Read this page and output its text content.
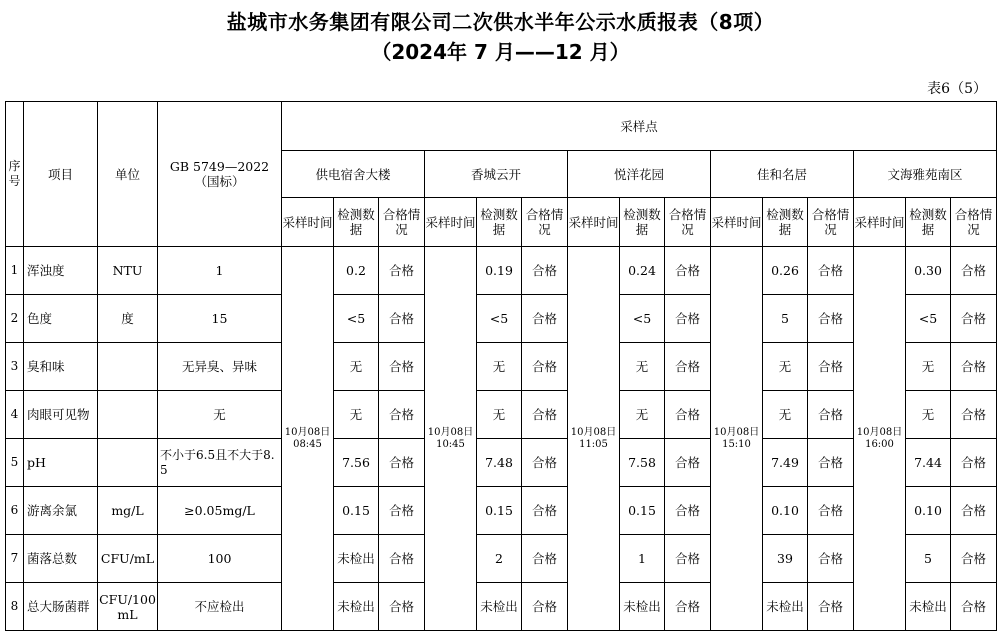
盐城市水务集团有限公司二次供水半年公示水质报表（8项）
（2024年 7 月——12 月）
表6（5）
序号	项目	单位	GB 5749—2022（国标）	采样点														
				供电宿舍大楼			香城云开			悦洋花园			佳和名居			文海雅苑南区		
				采样时间	检测数据	合格情况	采样时间	检测数据	合格情况	采样时间	检测数据	合格情况	采样时间	检测数据	合格情况	采样时间	检测数据	合格情况
1	浑浊度	NTU	1	10月08日 08:45	0.2	合格	10月08日 10:45	0.19	合格	10月08日 11:05	0.24	合格	10月08日 15:10	0.26	合格	10月08日 16:00	0.30	合格
2	色度	度	15		<5	合格		<5	合格		<5	合格		5	合格		<5	合格
3	臭和味		无异臭、异味		无	合格		无	合格		无	合格		无	合格		无	合格
4	肉眼可见物		无		无	合格		无	合格		无	合格		无	合格		无	合格
5	pH		不小于6.5且不大于8.5		7.56	合格		7.48	合格		7.58	合格		7.49	合格		7.44	合格
6	游离余氯	mg/L	≥0.05mg/L		0.15	合格		0.15	合格		0.15	合格		0.10	合格		0.10	合格
7	菌落总数	CFU/mL	100		未检出	合格		2	合格		1	合格		39	合格		5	合格
8	总大肠菌群	CFU/100mL	不应检出		未检出	合格		未检出	合格		未检出	合格		未检出	合格		未检出	合格
